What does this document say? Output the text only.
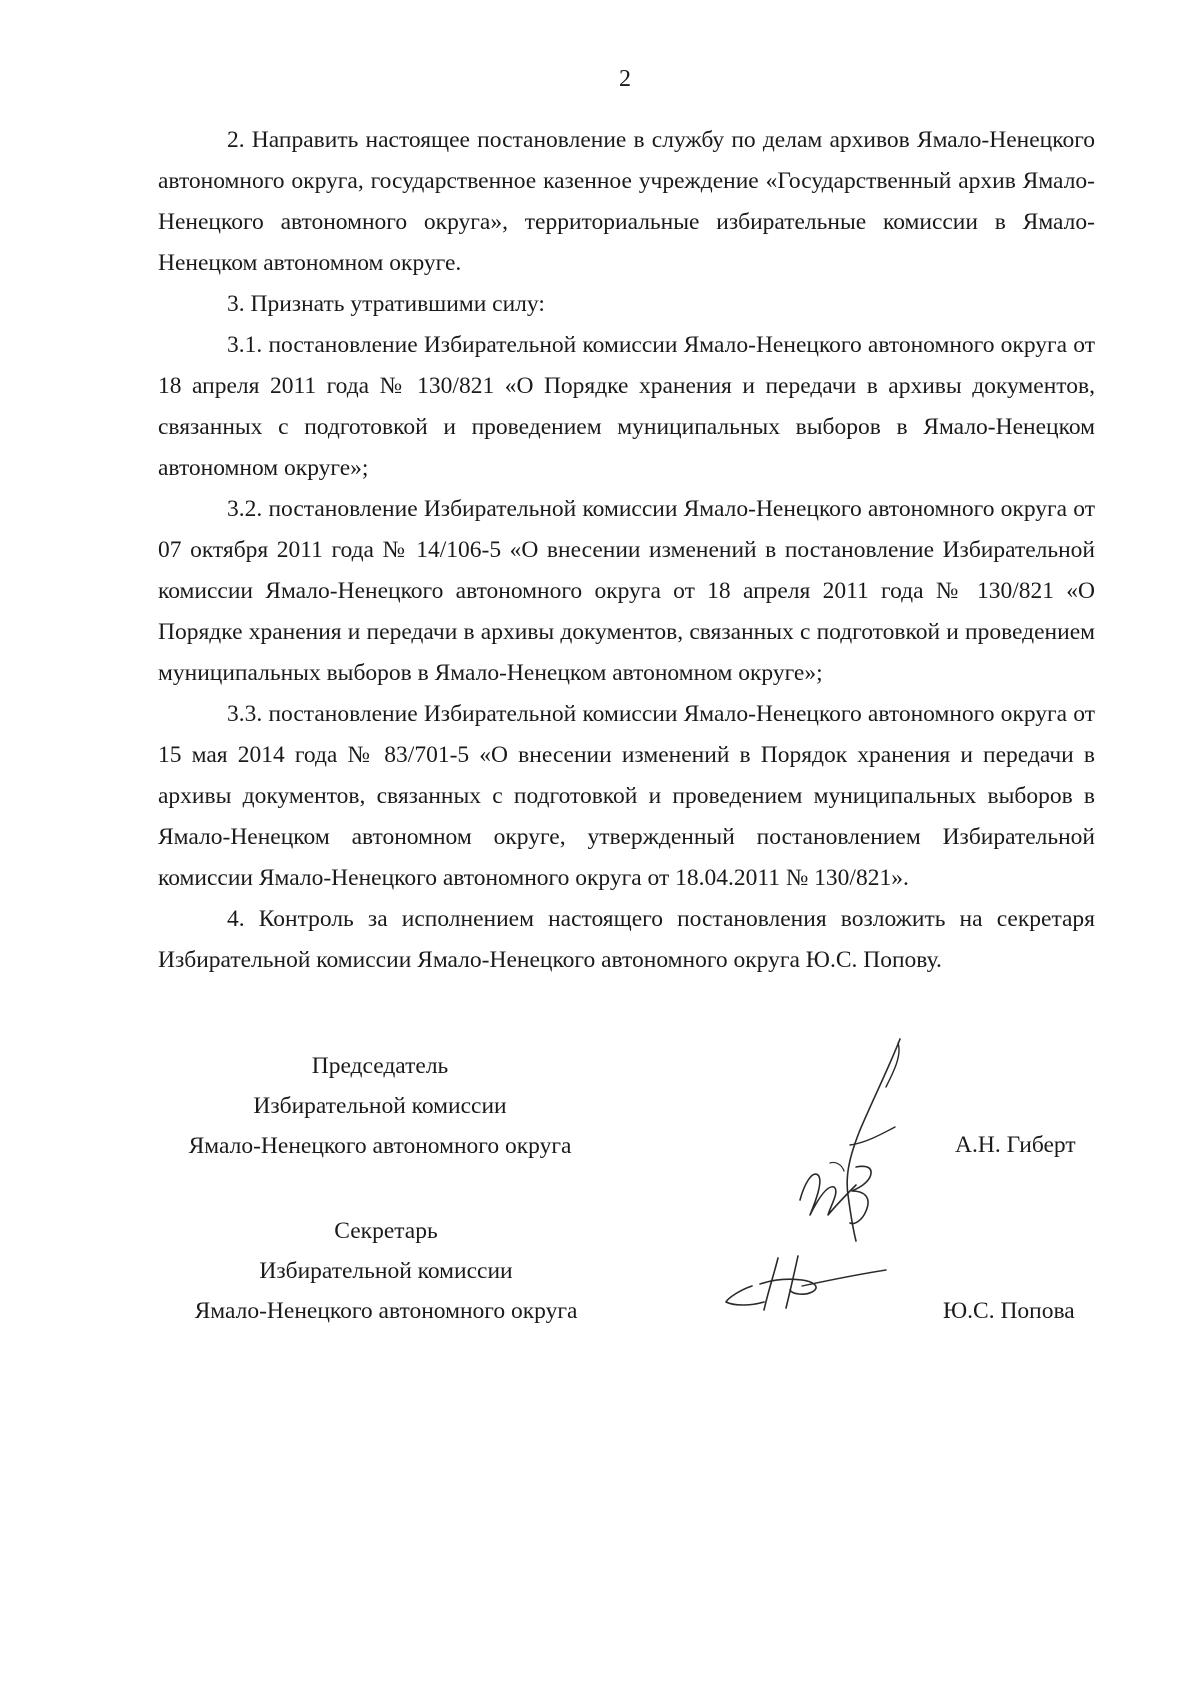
2

2. Направить настоящее постановление в службу по делам архивов Ямало-Ненецкого автономного округа, государственное казенное учреждение «Государственный архив Ямало-Ненецкого автономного округа», территориальные избирательные комиссии в Ямало-Ненецком автономном округе.

3. Признать утратившими силу:

3.1. постановление Избирательной комиссии Ямало-Ненецкого автономного округа от 18 апреля 2011 года № 130/821 «О Порядке хранения и передачи в архивы документов, связанных с подготовкой и проведением муниципальных выборов в Ямало-Ненецком автономном округе»;

3.2. постановление Избирательной комиссии Ямало-Ненецкого автономного округа от 07 октября 2011 года № 14/106-5 «О внесении изменений в постановление Избирательной комиссии Ямало-Ненецкого автономного округа от 18 апреля 2011 года № 130/821 «О Порядке хранения и передачи в архивы документов, связанных с подготовкой и проведением муниципальных выборов в Ямало-Ненецком автономном округе»;

3.3. постановление Избирательной комиссии Ямало-Ненецкого автономного округа от 15 мая 2014 года № 83/701-5 «О внесении изменений в Порядок хранения и передачи в архивы документов, связанных с подготовкой и проведением муниципальных выборов в Ямало-Ненецком автономном округе, утвержденный постановлением Избирательной комиссии Ямало-Ненецкого автономного округа от 18.04.2011 № 130/821».

4. Контроль за исполнением настоящего постановления возложить на секретаря Избирательной комиссии Ямало-Ненецкого автономного округа Ю.С. Попову.

Председатель
Избирательной комиссии
Ямало-Ненецкого автономного округа	А.Н. Гиберт
Секретарь
Избирательной комиссии
Ямало-Ненецкого автономного округа	Ю.С. Попова
